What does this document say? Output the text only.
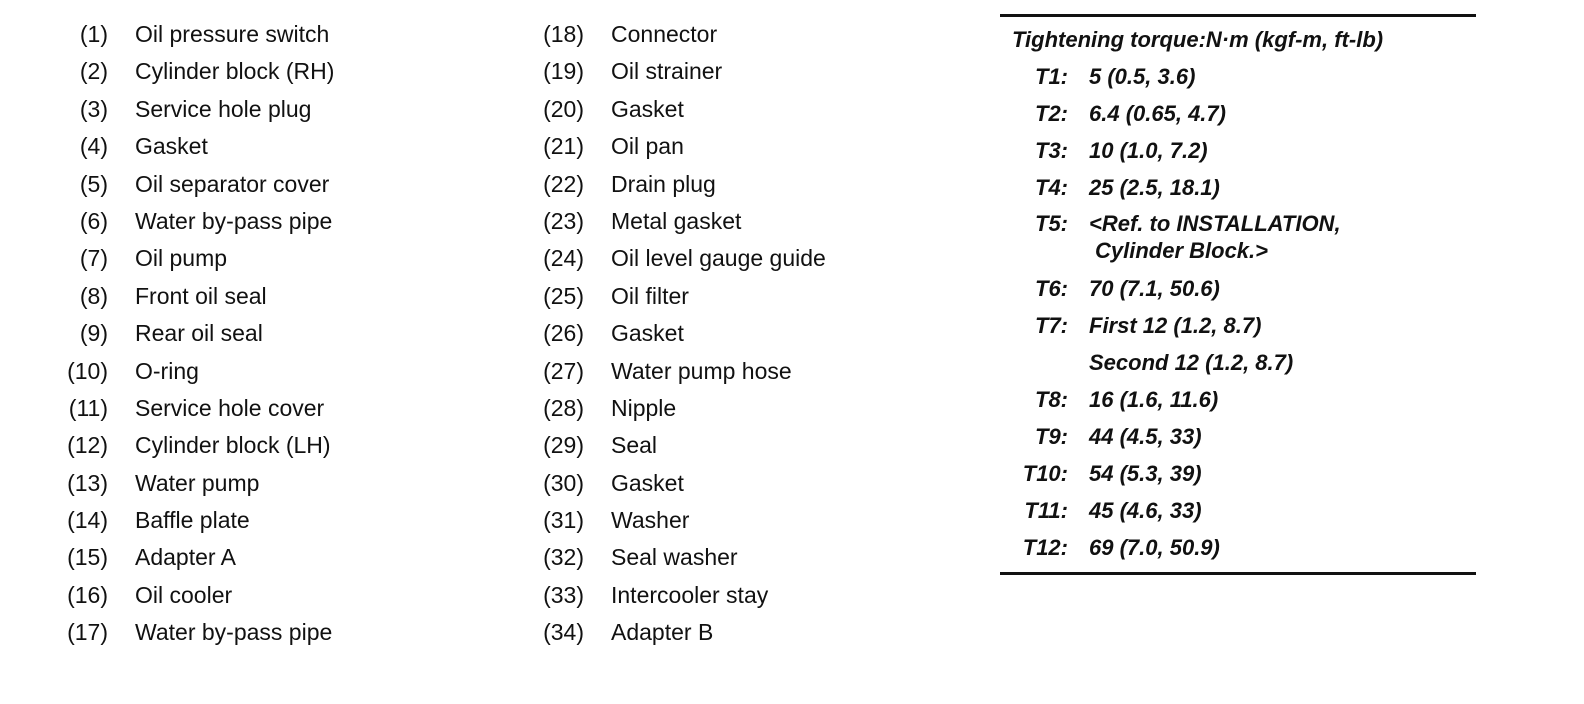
(1) Oil pressure switch
(2) Cylinder block (RH)
(3) Service hole plug
(4) Gasket
(5) Oil separator cover
(6) Water by-pass pipe
(7) Oil pump
(8) Front oil seal
(9) Rear oil seal
(10) O-ring
(11) Service hole cover
(12) Cylinder block (LH)
(13) Water pump
(14) Baffle plate
(15) Adapter A
(16) Oil cooler
(17) Water by-pass pipe
(18) Connector
(19) Oil strainer
(20) Gasket
(21) Oil pan
(22) Drain plug
(23) Metal gasket
(24) Oil level gauge guide
(25) Oil filter
(26) Gasket
(27) Water pump hose
(28) Nipple
(29) Seal
(30) Gasket
(31) Washer
(32) Seal washer
(33) Intercooler stay
(34) Adapter B
Tightening torque:N·m (kgf-m, ft-lb)
T1: 5 (0.5, 3.6)
T2: 6.4 (0.65, 4.7)
T3: 10 (1.0, 7.2)
T4: 25 (2.5, 18.1)
T5: <Ref. to INSTALLATION,
Cylinder Block.>
T6: 70 (7.1, 50.6)
T7: First 12 (1.2, 8.7)
Second 12 (1.2, 8.7)
T8: 16 (1.6, 11.6)
T9: 44 (4.5, 33)
T10: 54 (5.3, 39)
T11: 45 (4.6, 33)
T12: 69 (7.0, 50.9)
